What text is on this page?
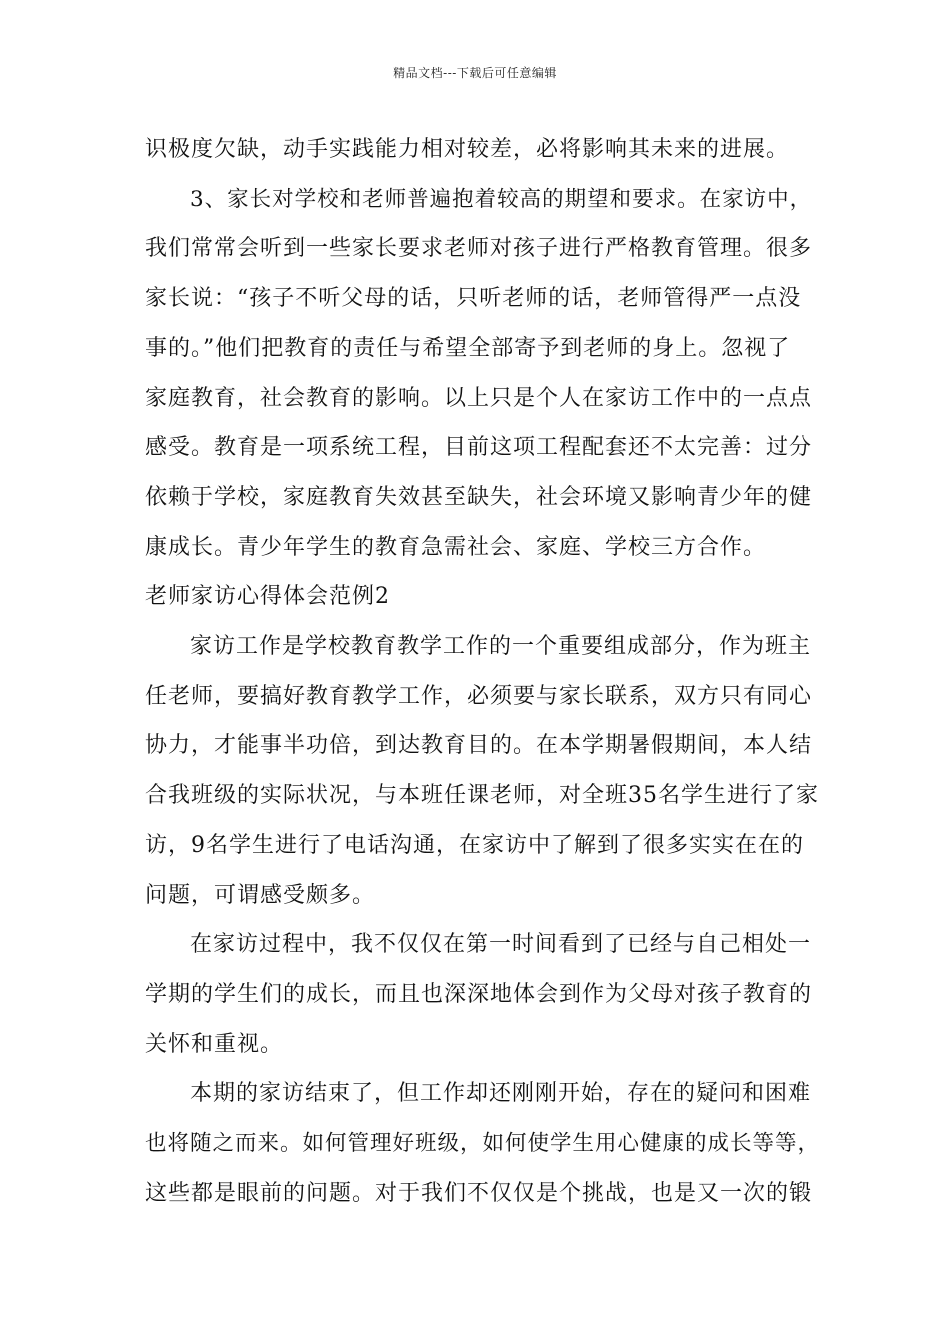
精品文档---下载后可任意编辑
识极度欠缺，动手实践能力相对较差，必将影响其未来的进展。
3、家长对学校和老师普遍抱着较高的期望和要求。在家访中，
我们常常会听到一些家长要求老师对孩子进行严格教育管理。很多
家长说：“孩子不听父母的话，只听老师的话，老师管得严一点没
事的。”他们把教育的责任与希望全部寄予到老师的身上。忽视了
家庭教育，社会教育的影响。以上只是个人在家访工作中的一点点
感受。教育是一项系统工程，目前这项工程配套还不太完善：过分
依赖于学校，家庭教育失效甚至缺失，社会环境又影响青少年的健
康成长。青少年学生的教育急需社会、家庭、学校三方合作。
老师家访心得体会范例2
家访工作是学校教育教学工作的一个重要组成部分，作为班主
任老师，要搞好教育教学工作，必须要与家长联系，双方只有同心
协力，才能事半功倍，到达教育目的。在本学期暑假期间，本人结
合我班级的实际状况，与本班任课老师，对全班35名学生进行了家
访，9名学生进行了电话沟通，在家访中了解到了很多实实在在的
问题，可谓感受颇多。
在家访过程中，我不仅仅在第一时间看到了已经与自己相处一
学期的学生们的成长，而且也深深地体会到作为父母对孩子教育的
关怀和重视。
本期的家访结束了，但工作却还刚刚开始，存在的疑问和困难
也将随之而来。如何管理好班级，如何使学生用心健康的成长等等，
这些都是眼前的问题。对于我们不仅仅是个挑战，也是又一次的锻
